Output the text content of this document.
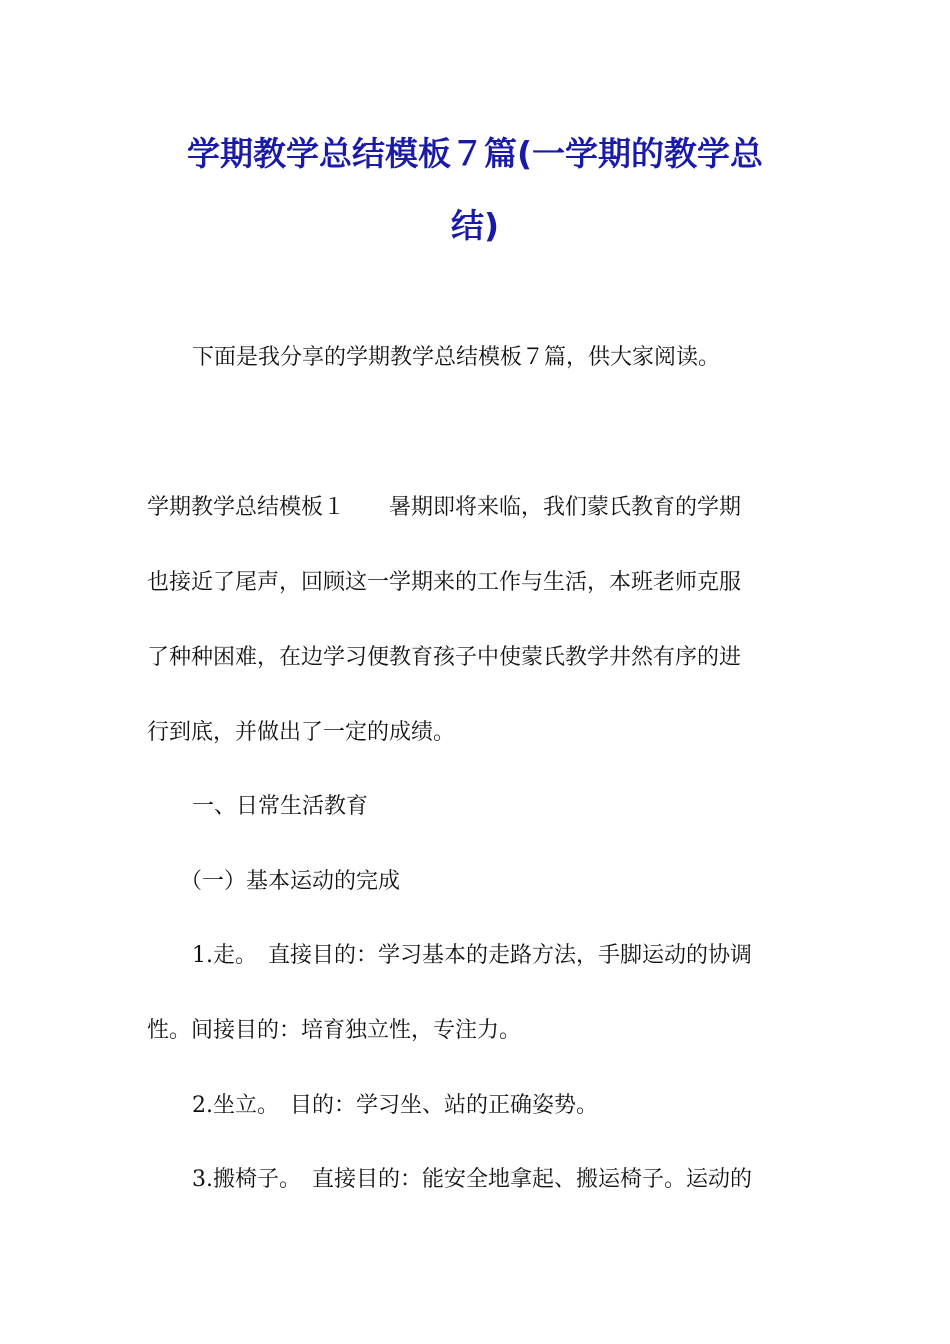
学期教学总结模板７篇(一学期的教学总
结)
下面是我分享的学期教学总结模板７篇，供大家阅读。
学期教学总结模板１　　暑期即将来临，我们蒙氏教育的学期
也接近了尾声，回顾这一学期来的工作与生活，本班老师克服
了种种困难，在边学习便教育孩子中使蒙氏教学井然有序的进
行到底，并做出了一定的成绩。
一、日常生活教育
（一）基本运动的完成
1.走。　直接目的：学习基本的走路方法，手脚运动的协调
性。间接目的：培育独立性，专注力。
2.坐立。　目的：学习坐、站的正确姿势。
3.搬椅子。　直接目的：能安全地拿起、搬运椅子。运动的
